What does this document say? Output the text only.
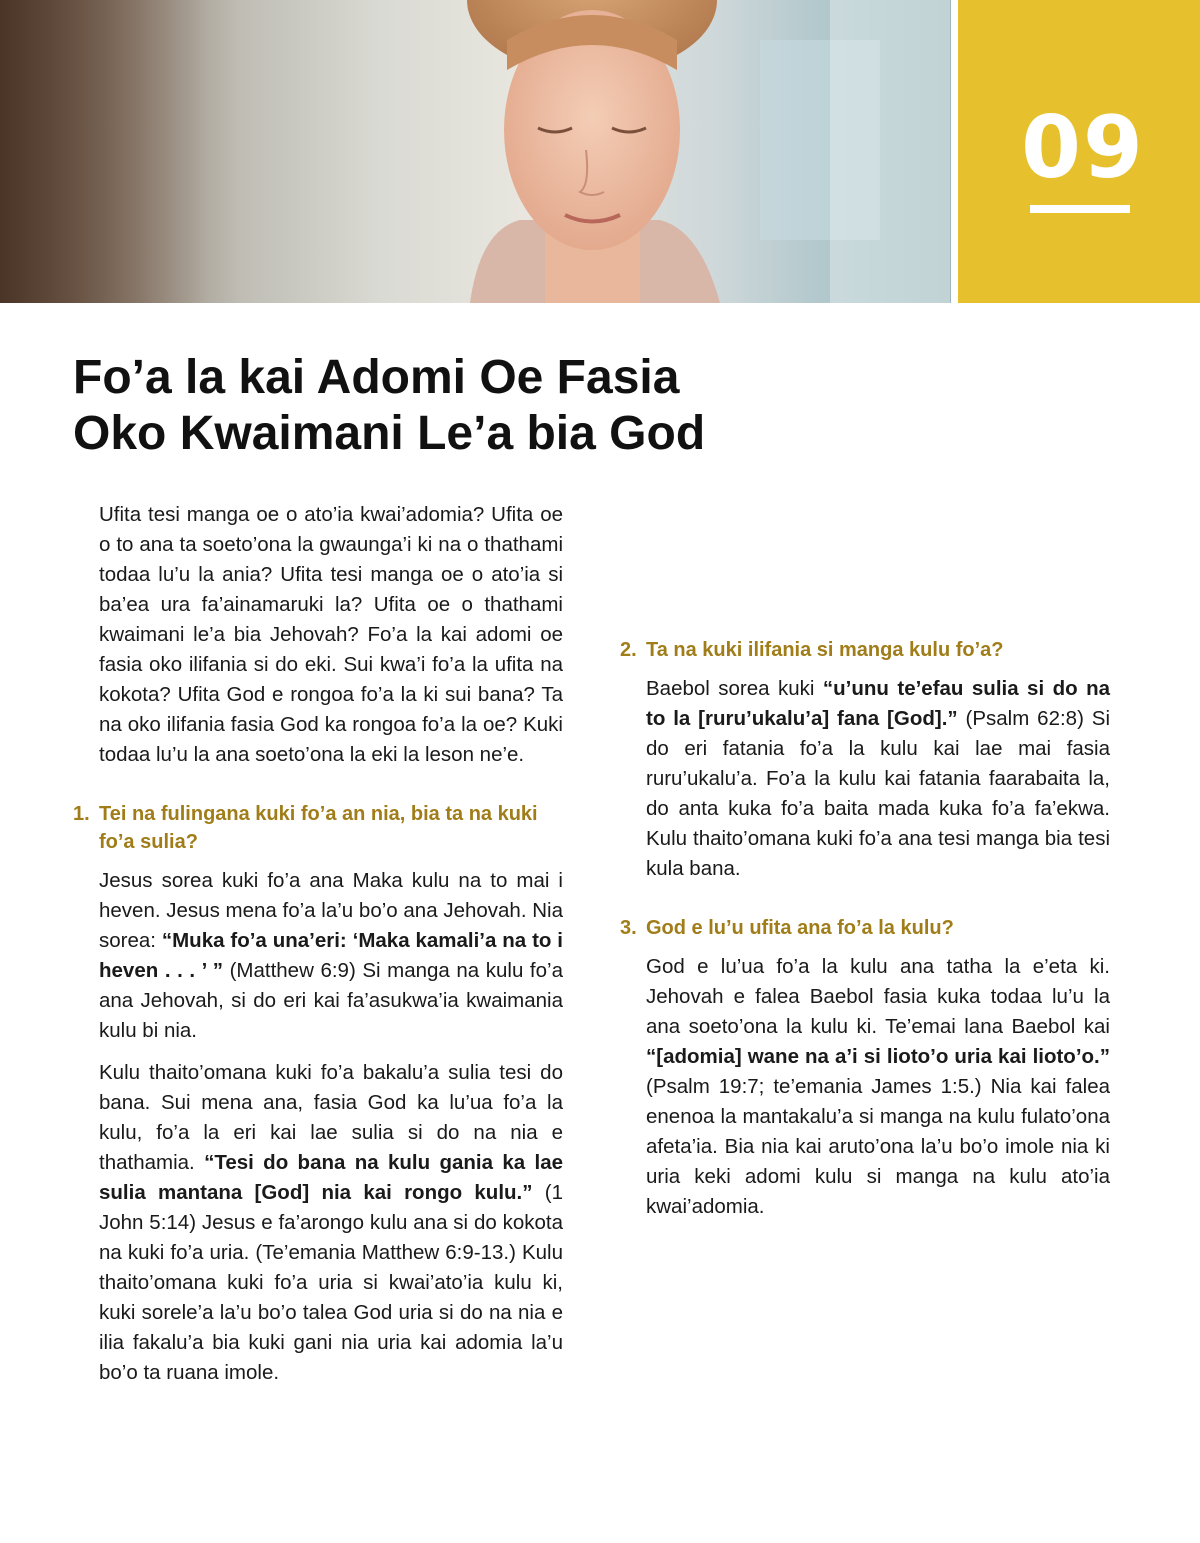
09
Fo’a la kai Adomi Oe Fasia
Oko Kwaimani Le’a bia God

Ufita tesi manga oe o ato’ia kwai’adomia? Ufita oe o to ana ta soeto’ona la gwaunga’i ki na o thathami todaa lu’u la ania? Ufita tesi manga oe o ato’ia si ba’ea ura fa’ainamaruki la? Ufita oe o thathami kwaimani le’a bia Jehovah? Fo’a la kai adomi oe fasia oko ilifania si do eki. Sui kwa’i fo’a la ufita na kokota? Ufita God e rongoa fo’a la ki sui bana? Ta na oko ilifania fasia God ka rongoa fo’a la oe? Kuki todaa lu’u la ana soeto’ona la eki la leson ne’e.

1. Tei na fulingana kuki fo’a an nia, bia ta na kuki fo’a sulia?

Jesus sorea kuki fo’a ana Maka kulu na to mai i heven. Jesus mena fo’a la’u bo’o ana Jehovah. Nia sorea: “Muka fo’a una’eri: ‘Maka kamali’a na to i heven . . . ’ ” (Matthew 6:9) Si manga na kulu fo’a ana Jehovah, si do eri kai fa’asukwa’ia kwaimania kulu bi nia.

Kulu thaito’omana kuki fo’a bakalu’a sulia tesi do bana. Sui mena ana, fasia God ka lu’ua fo’a la kulu, fo’a la eri kai lae sulia si do na nia e thathamia. “Tesi do bana na kulu gania ka lae sulia mantana [God] nia kai rongo kulu.” (1 John 5:14) Jesus e fa’arongo kulu ana si do kokota na kuki fo’a uria. (Te’emania Matthew 6:9-13.) Kulu thaito’omana kuki fo’a uria si kwai’ato’ia kulu ki, kuki sorele’a la’u bo’o talea God uria si do na nia e ilia fakalu’a bia kuki gani nia uria kai adomia la’u bo’o ta ruana imole.

2. Ta na kuki ilifania si manga kulu fo’a?

Baebol sorea kuki “u’unu te’efau sulia si do na to la [ruru’ukalu’a] fana [God].” (Psalm 62:8) Si do eri fatania fo’a la kulu kai lae mai fasia ruru’ukalu’a. Fo’a la kulu kai fatania faarabaita la, do anta kuka fo’a baita mada kuka fo’a fa’ekwa. Kulu thaito’omana kuki fo’a ana tesi manga bia tesi kula bana.

3. God e lu’u ufita ana fo’a la kulu?

God e lu’ua fo’a la kulu ana tatha la e’eta ki. Jehovah e falea Baebol fasia kuka todaa lu’u la ana soeto’ona la kulu ki. Te’emai lana Baebol kai “[adomia] wane na a’i si lioto’o uria kai lioto’o.” (Psalm 19:7; te’emania James 1:5.) Nia kai falea enenoa la mantakalu’a si manga na kulu fulato’ona afeta’ia. Bia nia kai aruto’ona la’u bo’o imole nia ki uria keki adomi kulu si manga na kulu ato’ia kwai’adomia.
